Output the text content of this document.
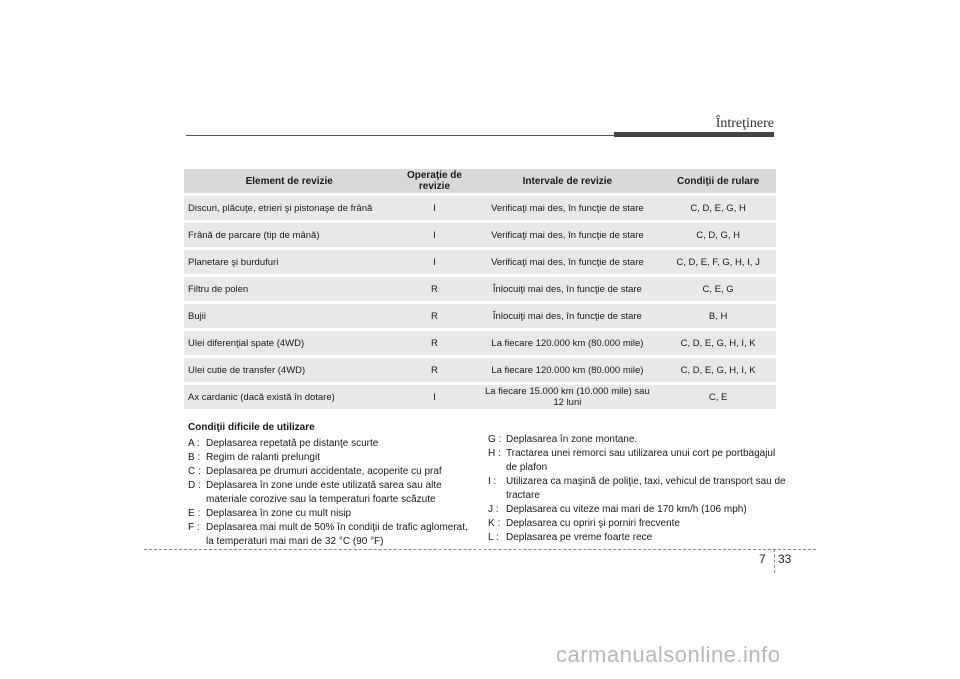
Întreţinere
Element de revizie	Operaţie de revizie	Intervale de revizie	Condiţii de rulare
Discuri, plăcuţe, etrieri şi pistonaşe de frână	I	Verificaţi mai des, în funcţie de stare	C, D, E, G, H
Frână de parcare (tip de mână)	I	Verificaţi mai des, în funcţie de stare	C, D, G, H
Planetare şi burdufuri	I	Verificaţi mai des, în funcţie de stare	C, D, E, F, G, H, I, J
Filtru de polen	R	Înlocuiţi mai des, în funcţie de stare	C, E, G
Bujii	R	Înlocuiţi mai des, în funcţie de stare	B, H
Ulei diferenţial spate (4WD)	R	La fiecare 120.000 km (80.000 mile)	C, D, E, G, H, I, K
Ulei cutie de transfer (4WD)	R	La fiecare 120.000 km (80.000 mile)	C, D, E, G, H, I, K
Ax cardanic (dacă există în dotare)	I	La fiecare 15.000 km (10.000 mile) sau 12 luni	C, E
Condiţii dificile de utilizare
A : Deplasarea repetată pe distanţe scurte
B : Regim de ralanti prelungit
C : Deplasarea pe drumuri accidentate, acoperite cu praf
D : Deplasarea în zone unde este utilizată sarea sau alte materiale corozive sau la temperaturi foarte scăzute
E : Deplasarea în zone cu mult nisip
F : Deplasarea mai mult de 50% în condiţii de trafic aglomerat, la temperaturi mai mari de 32 °C (90 °F)
G : Deplasarea în zone montane.
H : Tractarea unei remorci sau utilizarea unui cort pe portbagajul de plafon
I : Utilizarea ca maşină de poliţie, taxi, vehicul de transport sau de tractare
J : Deplasarea cu viteze mai mari de 170 km/h (106 mph)
K : Deplasarea cu opriri şi porniri frecvente
L : Deplasarea pe vreme foarte rece
7 33
carmanualsonline.info
